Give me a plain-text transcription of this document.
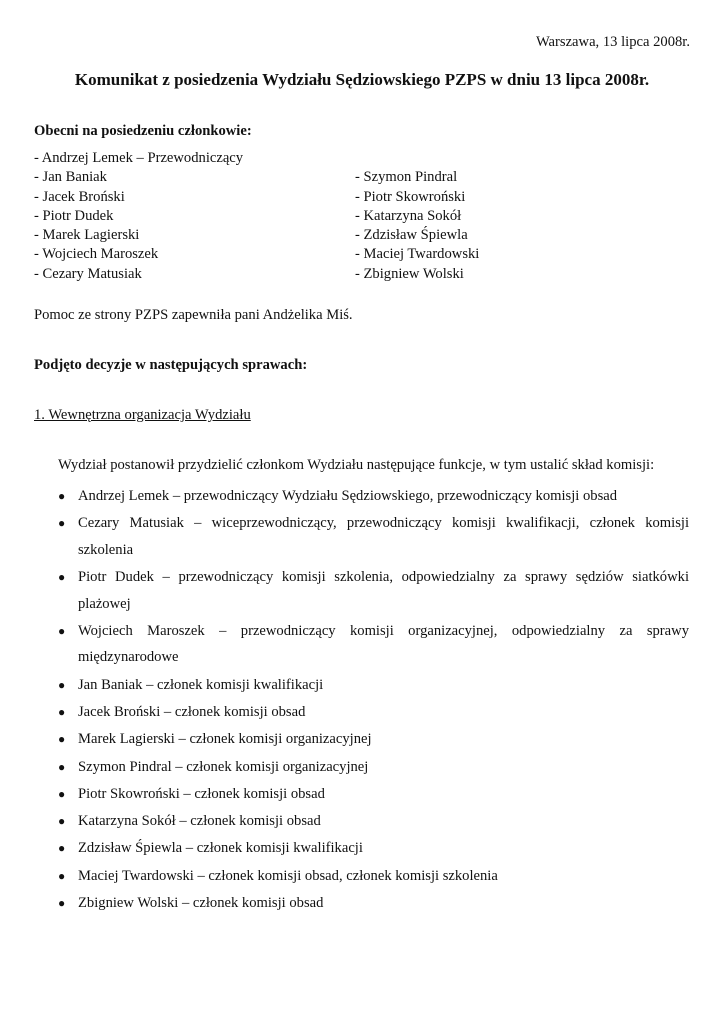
Warszawa, 13 lipca 2008r.
Komunikat z posiedzenia Wydziału Sędziowskiego PZPS w dniu 13 lipca 2008r.
Obecni na posiedzeniu członkowie:
- Andrzej Lemek – Przewodniczący
- Jan Baniak
- Jacek Broński
- Piotr Dudek
- Marek Lagierski
- Wojciech Maroszek
- Cezary Matusiak
- Szymon Pindral
- Piotr Skowroński
- Katarzyna Sokół
- Zdzisław Śpiewla
- Maciej Twardowski
- Zbigniew Wolski
Pomoc ze strony PZPS zapewniła pani Andżelika Miś.
Podjęto decyzje w następujących sprawach:
1. Wewnętrzna organizacja Wydziału
Wydział postanowił przydzielić członkom Wydziału następujące funkcje, w tym ustalić skład komisji:
● Andrzej Lemek – przewodniczący Wydziału Sędziowskiego, przewodniczący komisji obsad
● Cezary Matusiak – wiceprzewodniczący, przewodniczący komisji kwalifikacji, członek komisji szkolenia
● Piotr Dudek – przewodniczący komisji szkolenia, odpowiedzialny za sprawy sędziów siatkówki plażowej
● Wojciech Maroszek – przewodniczący komisji organizacyjnej, odpowiedzialny za sprawy międzynarodowe
● Jan Baniak – członek komisji kwalifikacji
● Jacek Broński – członek komisji obsad
● Marek Lagierski – członek komisji organizacyjnej
● Szymon Pindral – członek komisji organizacyjnej
● Piotr Skowroński – członek komisji obsad
● Katarzyna Sokół – członek komisji obsad
● Zdzisław Śpiewla – członek komisji kwalifikacji
● Maciej Twardowski – członek komisji obsad, członek komisji szkolenia
● Zbigniew Wolski – członek komisji obsad
